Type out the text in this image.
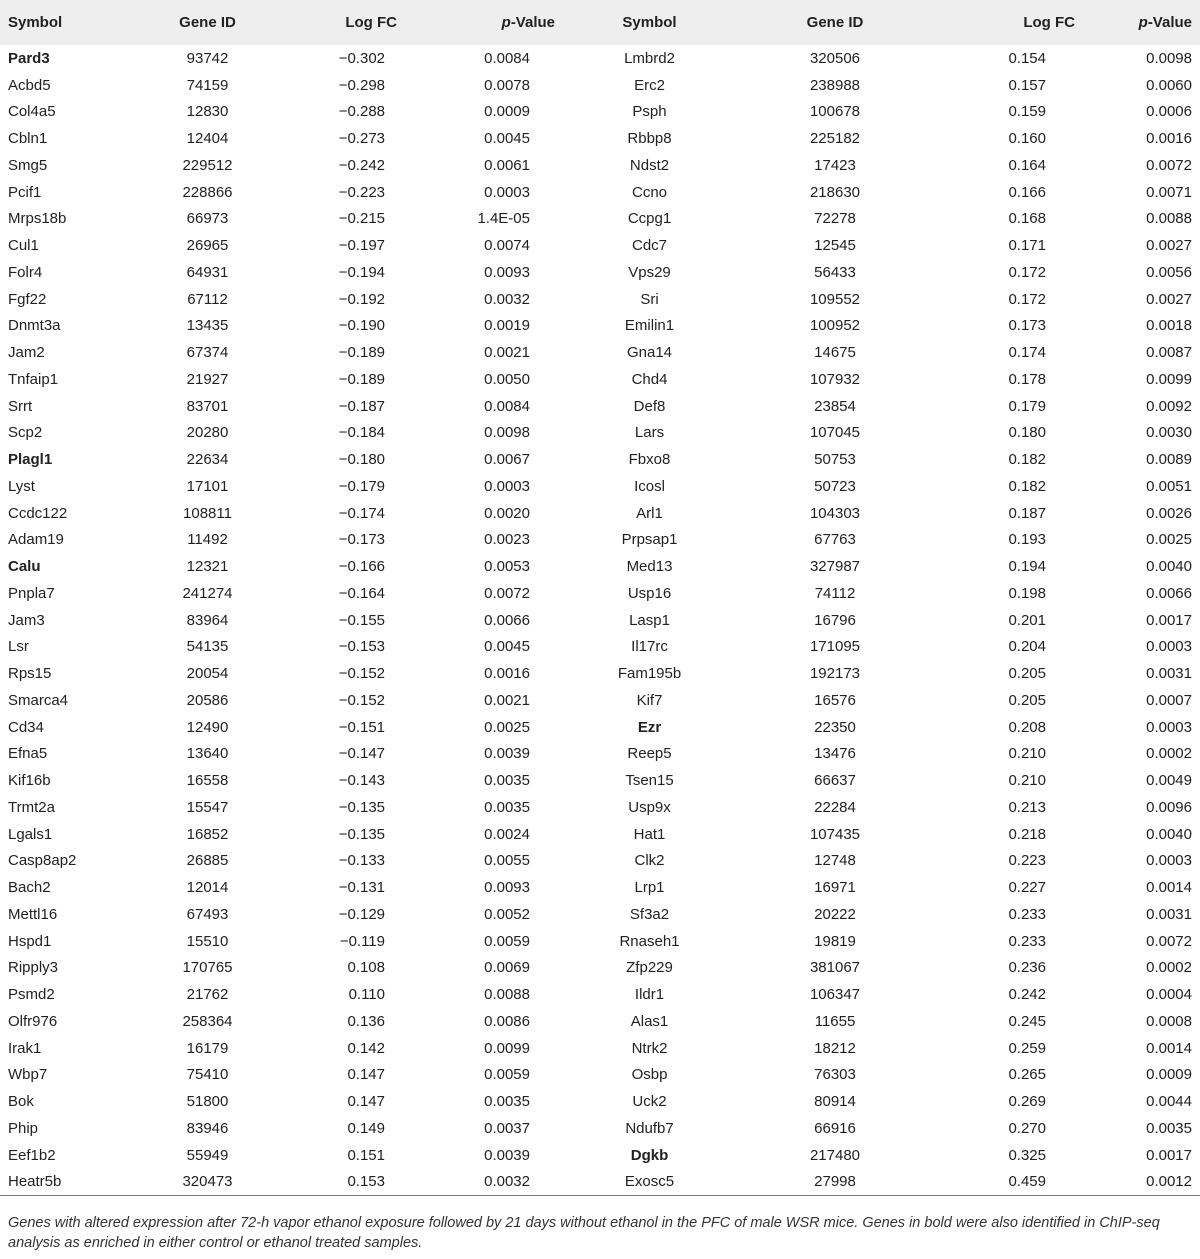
Symbol	Gene ID	Log FC	p-Value	Symbol	Gene ID	Log FC	p-Value
Pard3	93742	−0.302	0.0084	Lmbrd2	320506	0.154	0.0098
Acbd5	74159	−0.298	0.0078	Erc2	238988	0.157	0.0060
Col4a5	12830	−0.288	0.0009	Psph	100678	0.159	0.0006
Cbln1	12404	−0.273	0.0045	Rbbp8	225182	0.160	0.0016
Smg5	229512	−0.242	0.0061	Ndst2	17423	0.164	0.0072
Pcif1	228866	−0.223	0.0003	Ccno	218630	0.166	0.0071
Mrps18b	66973	−0.215	1.4E-05	Ccpg1	72278	0.168	0.0088
Cul1	26965	−0.197	0.0074	Cdc7	12545	0.171	0.0027
Folr4	64931	−0.194	0.0093	Vps29	56433	0.172	0.0056
Fgf22	67112	−0.192	0.0032	Sri	109552	0.172	0.0027
Dnmt3a	13435	−0.190	0.0019	Emilin1	100952	0.173	0.0018
Jam2	67374	−0.189	0.0021	Gna14	14675	0.174	0.0087
Tnfaip1	21927	−0.189	0.0050	Chd4	107932	0.178	0.0099
Srrt	83701	−0.187	0.0084	Def8	23854	0.179	0.0092
Scp2	20280	−0.184	0.0098	Lars	107045	0.180	0.0030
Plagl1	22634	−0.180	0.0067	Fbxo8	50753	0.182	0.0089
Lyst	17101	−0.179	0.0003	Icosl	50723	0.182	0.0051
Ccdc122	108811	−0.174	0.0020	Arl1	104303	0.187	0.0026
Adam19	11492	−0.173	0.0023	Prpsap1	67763	0.193	0.0025
Calu	12321	−0.166	0.0053	Med13	327987	0.194	0.0040
Pnpla7	241274	−0.164	0.0072	Usp16	74112	0.198	0.0066
Jam3	83964	−0.155	0.0066	Lasp1	16796	0.201	0.0017
Lsr	54135	−0.153	0.0045	Il17rc	171095	0.204	0.0003
Rps15	20054	−0.152	0.0016	Fam195b	192173	0.205	0.0031
Smarca4	20586	−0.152	0.0021	Kif7	16576	0.205	0.0007
Cd34	12490	−0.151	0.0025	Ezr	22350	0.208	0.0003
Efna5	13640	−0.147	0.0039	Reep5	13476	0.210	0.0002
Kif16b	16558	−0.143	0.0035	Tsen15	66637	0.210	0.0049
Trmt2a	15547	−0.135	0.0035	Usp9x	22284	0.213	0.0096
Lgals1	16852	−0.135	0.0024	Hat1	107435	0.218	0.0040
Casp8ap2	26885	−0.133	0.0055	Clk2	12748	0.223	0.0003
Bach2	12014	−0.131	0.0093	Lrp1	16971	0.227	0.0014
Mettl16	67493	−0.129	0.0052	Sf3a2	20222	0.233	0.0031
Hspd1	15510	−0.119	0.0059	Rnaseh1	19819	0.233	0.0072
Ripply3	170765	0.108	0.0069	Zfp229	381067	0.236	0.0002
Psmd2	21762	0.110	0.0088	Ildr1	106347	0.242	0.0004
Olfr976	258364	0.136	0.0086	Alas1	11655	0.245	0.0008
Irak1	16179	0.142	0.0099	Ntrk2	18212	0.259	0.0014
Wbp7	75410	0.147	0.0059	Osbp	76303	0.265	0.0009
Bok	51800	0.147	0.0035	Uck2	80914	0.269	0.0044
Phip	83946	0.149	0.0037	Ndufb7	66916	0.270	0.0035
Eef1b2	55949	0.151	0.0039	Dgkb	217480	0.325	0.0017
Heatr5b	320473	0.153	0.0032	Exosc5	27998	0.459	0.0012
Genes with altered expression after 72-h vapor ethanol exposure followed by 21 days without ethanol in the PFC of male WSR mice. Genes in bold were also identified in ChIP-seq analysis as enriched in either control or ethanol treated samples.
